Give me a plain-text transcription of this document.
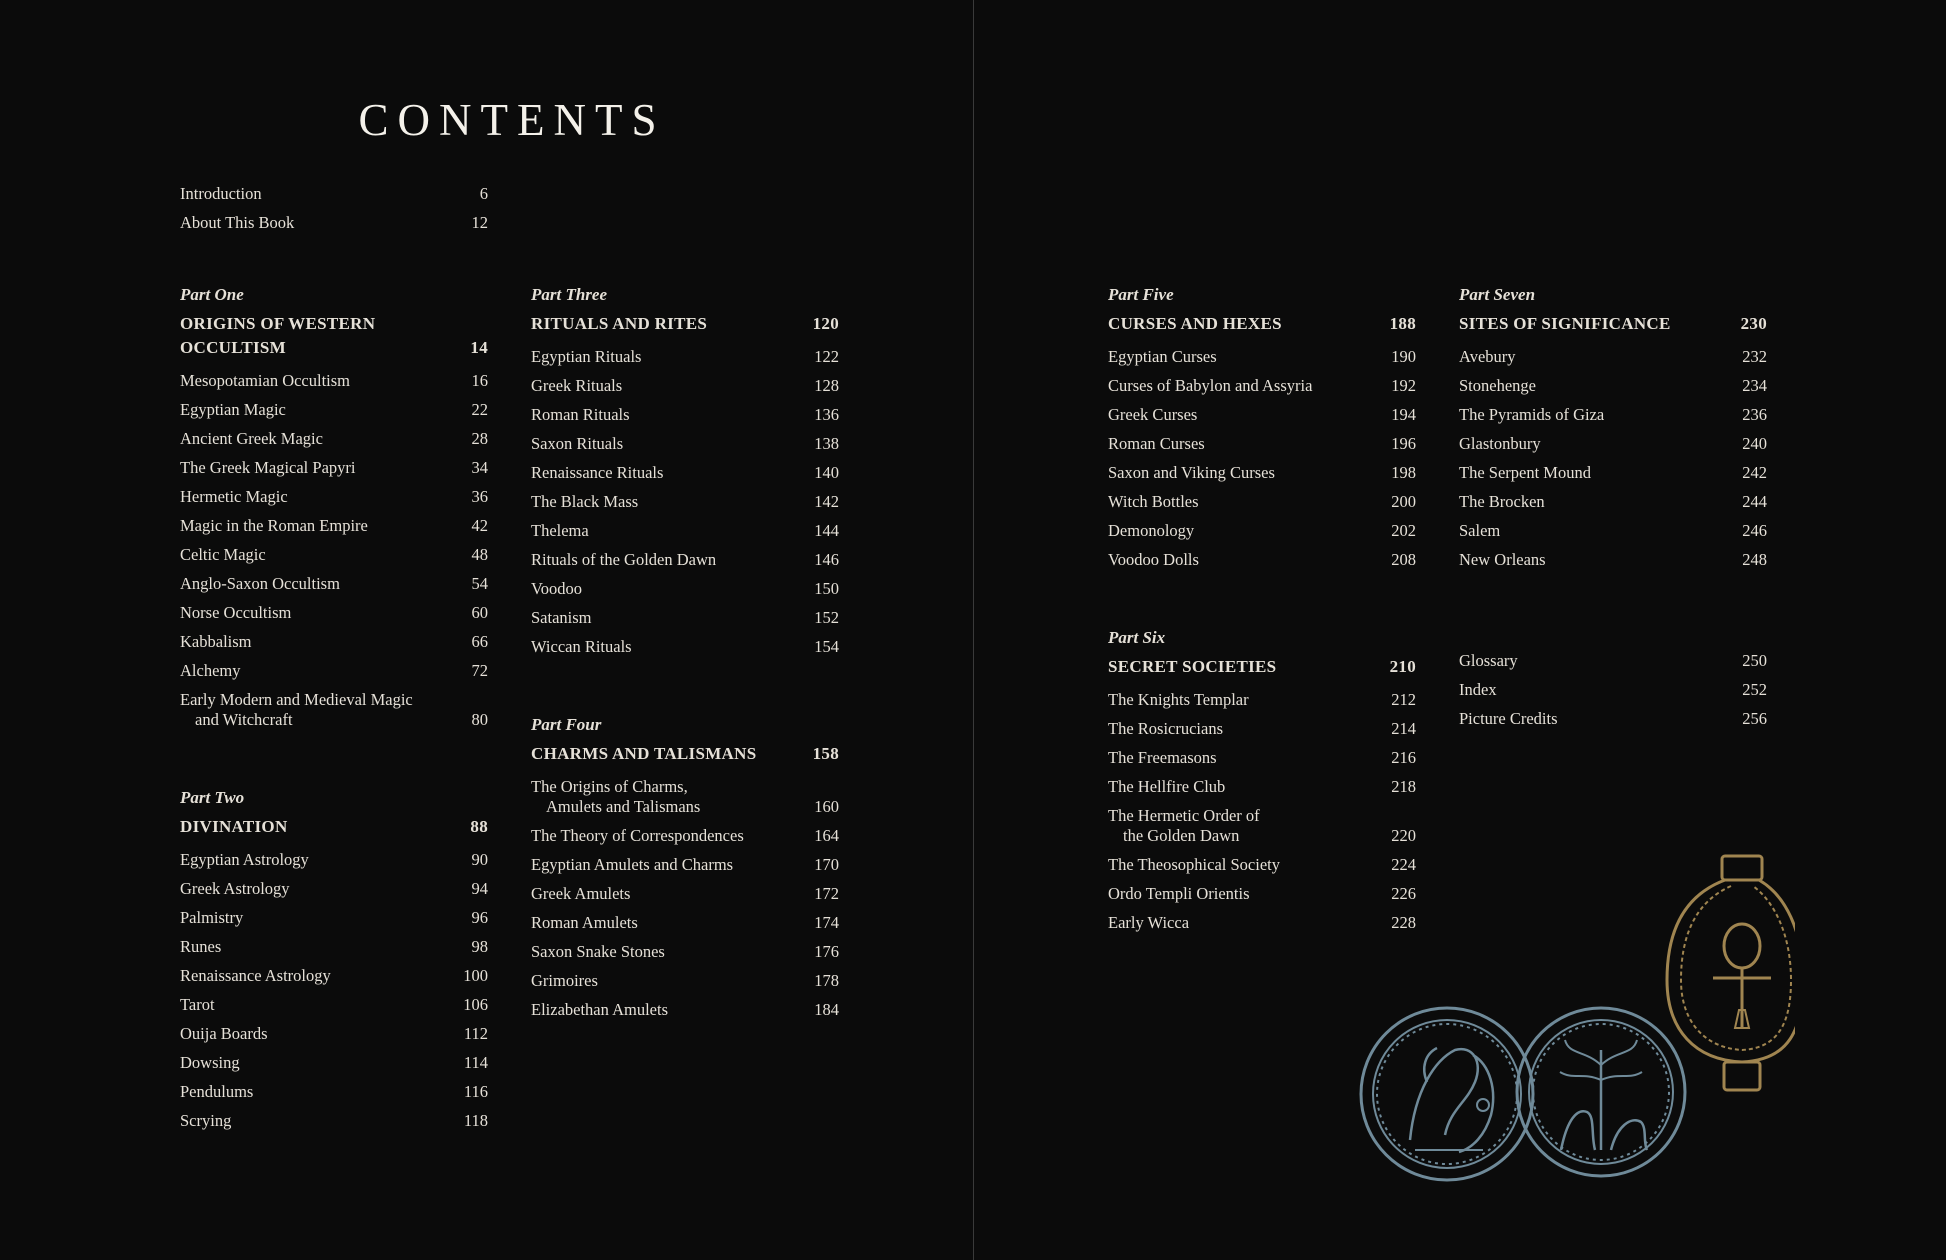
CONTENTS
Introduction	6
About This Book	12
Part One
ORIGINS OF WESTERN
OCCULTISM	14
Mesopotamian Occultism	16
Egyptian Magic	22
Ancient Greek Magic	28
The Greek Magical Papyri	34
Hermetic Magic	36
Magic in the Roman Empire	42
Celtic Magic	48
Anglo-Saxon Occultism	54
Norse Occultism	60
Kabbalism	66
Alchemy	72
Early Modern and Medieval Magic
and Witchcraft	80
Part Two
DIVINATION	88
Egyptian Astrology	90
Greek Astrology	94
Palmistry	96
Runes	98
Renaissance Astrology	100
Tarot	106
Ouija Boards	112
Dowsing	114
Pendulums	116
Scrying	118
Part Three
RITUALS AND RITES	120
Egyptian Rituals	122
Greek Rituals	128
Roman Rituals	136
Saxon Rituals	138
Renaissance Rituals	140
The Black Mass	142
Thelema	144
Rituals of the Golden Dawn	146
Voodoo	150
Satanism	152
Wiccan Rituals	154
Part Four
CHARMS AND TALISMANS	158
The Origins of Charms,
Amulets and Talismans	160
The Theory of Correspondences	164
Egyptian Amulets and Charms	170
Greek Amulets	172
Roman Amulets	174
Saxon Snake Stones	176
Grimoires	178
Elizabethan Amulets	184
Part Five
CURSES AND HEXES	188
Egyptian Curses	190
Curses of Babylon and Assyria	192
Greek Curses	194
Roman Curses	196
Saxon and Viking Curses	198
Witch Bottles	200
Demonology	202
Voodoo Dolls	208
Part Six
SECRET SOCIETIES	210
The Knights Templar	212
The Rosicrucians	214
The Freemasons	216
The Hellfire Club	218
The Hermetic Order of
the Golden Dawn	220
The Theosophical Society	224
Ordo Templi Orientis	226
Early Wicca	228
Part Seven
SITES OF SIGNIFICANCE	230
Avebury	232
Stonehenge	234
The Pyramids of Giza	236
Glastonbury	240
The Serpent Mound	242
The Brocken	244
Salem	246
New Orleans	248
Glossary	250
Index	252
Picture Credits	256
